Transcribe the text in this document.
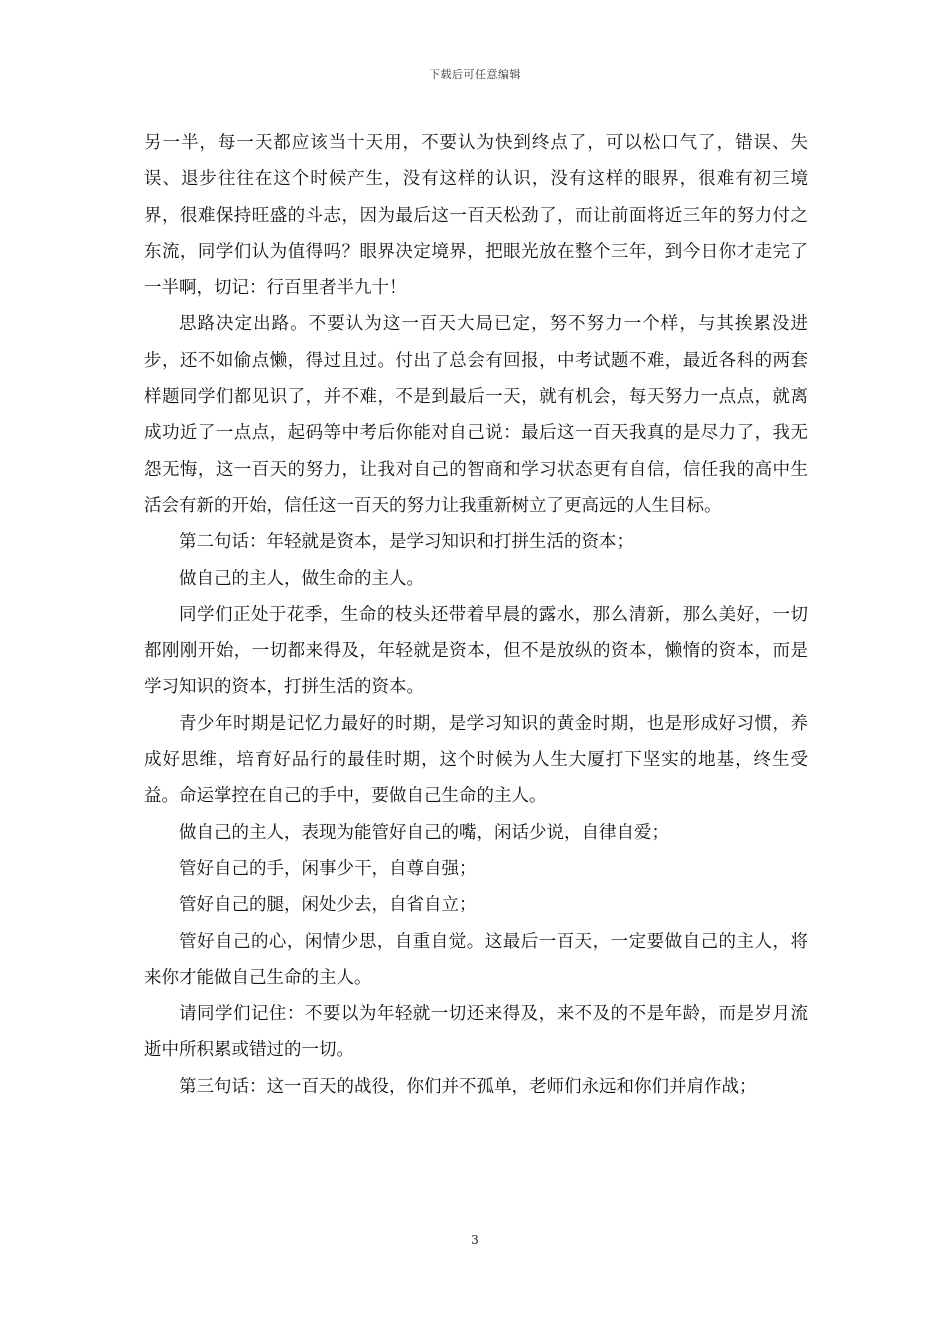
下载后可任意编辑

另一半，每一天都应该当十天用，不要认为快到终点了，可以松口气了，错误、失误、退步往往在这个时候产生，没有这样的认识，没有这样的眼界，很难有初三境界，很难保持旺盛的斗志，因为最后这一百天松劲了，而让前面将近三年的努力付之东流，同学们认为值得吗？眼界决定境界，把眼光放在整个三年，到今日你才走完了一半啊，切记：行百里者半九十！

思路决定出路。不要认为这一百天大局已定，努不努力一个样，与其挨累没进步，还不如偷点懒，得过且过。付出了总会有回报，中考试题不难，最近各科的两套样题同学们都见识了，并不难，不是到最后一天，就有机会，每天努力一点点，就离成功近了一点点，起码等中考后你能对自己说：最后这一百天我真的是尽力了，我无怨无悔，这一百天的努力，让我对自己的智商和学习状态更有自信，信任我的高中生活会有新的开始，信任这一百天的努力让我重新树立了更高远的人生目标。

第二句话：年轻就是资本，是学习知识和打拼生活的资本；

做自己的主人，做生命的主人。

同学们正处于花季，生命的枝头还带着早晨的露水，那么清新，那么美好，一切都刚刚开始，一切都来得及，年轻就是资本，但不是放纵的资本，懒惰的资本，而是学习知识的资本，打拼生活的资本。

青少年时期是记忆力最好的时期，是学习知识的黄金时期，也是形成好习惯，养成好思维，培育好品行的最佳时期，这个时候为人生大厦打下坚实的地基，终生受益。命运掌控在自己的手中，要做自己生命的主人。

做自己的主人，表现为能管好自己的嘴，闲话少说，自律自爱；

管好自己的手，闲事少干，自尊自强；

管好自己的腿，闲处少去，自省自立；

管好自己的心，闲情少思，自重自觉。这最后一百天，一定要做自己的主人，将来你才能做自己生命的主人。

请同学们记住：不要以为年轻就一切还来得及，来不及的不是年龄，而是岁月流逝中所积累或错过的一切。

第三句话：这一百天的战役，你们并不孤单，老师们永远和你们并肩作战；

3
